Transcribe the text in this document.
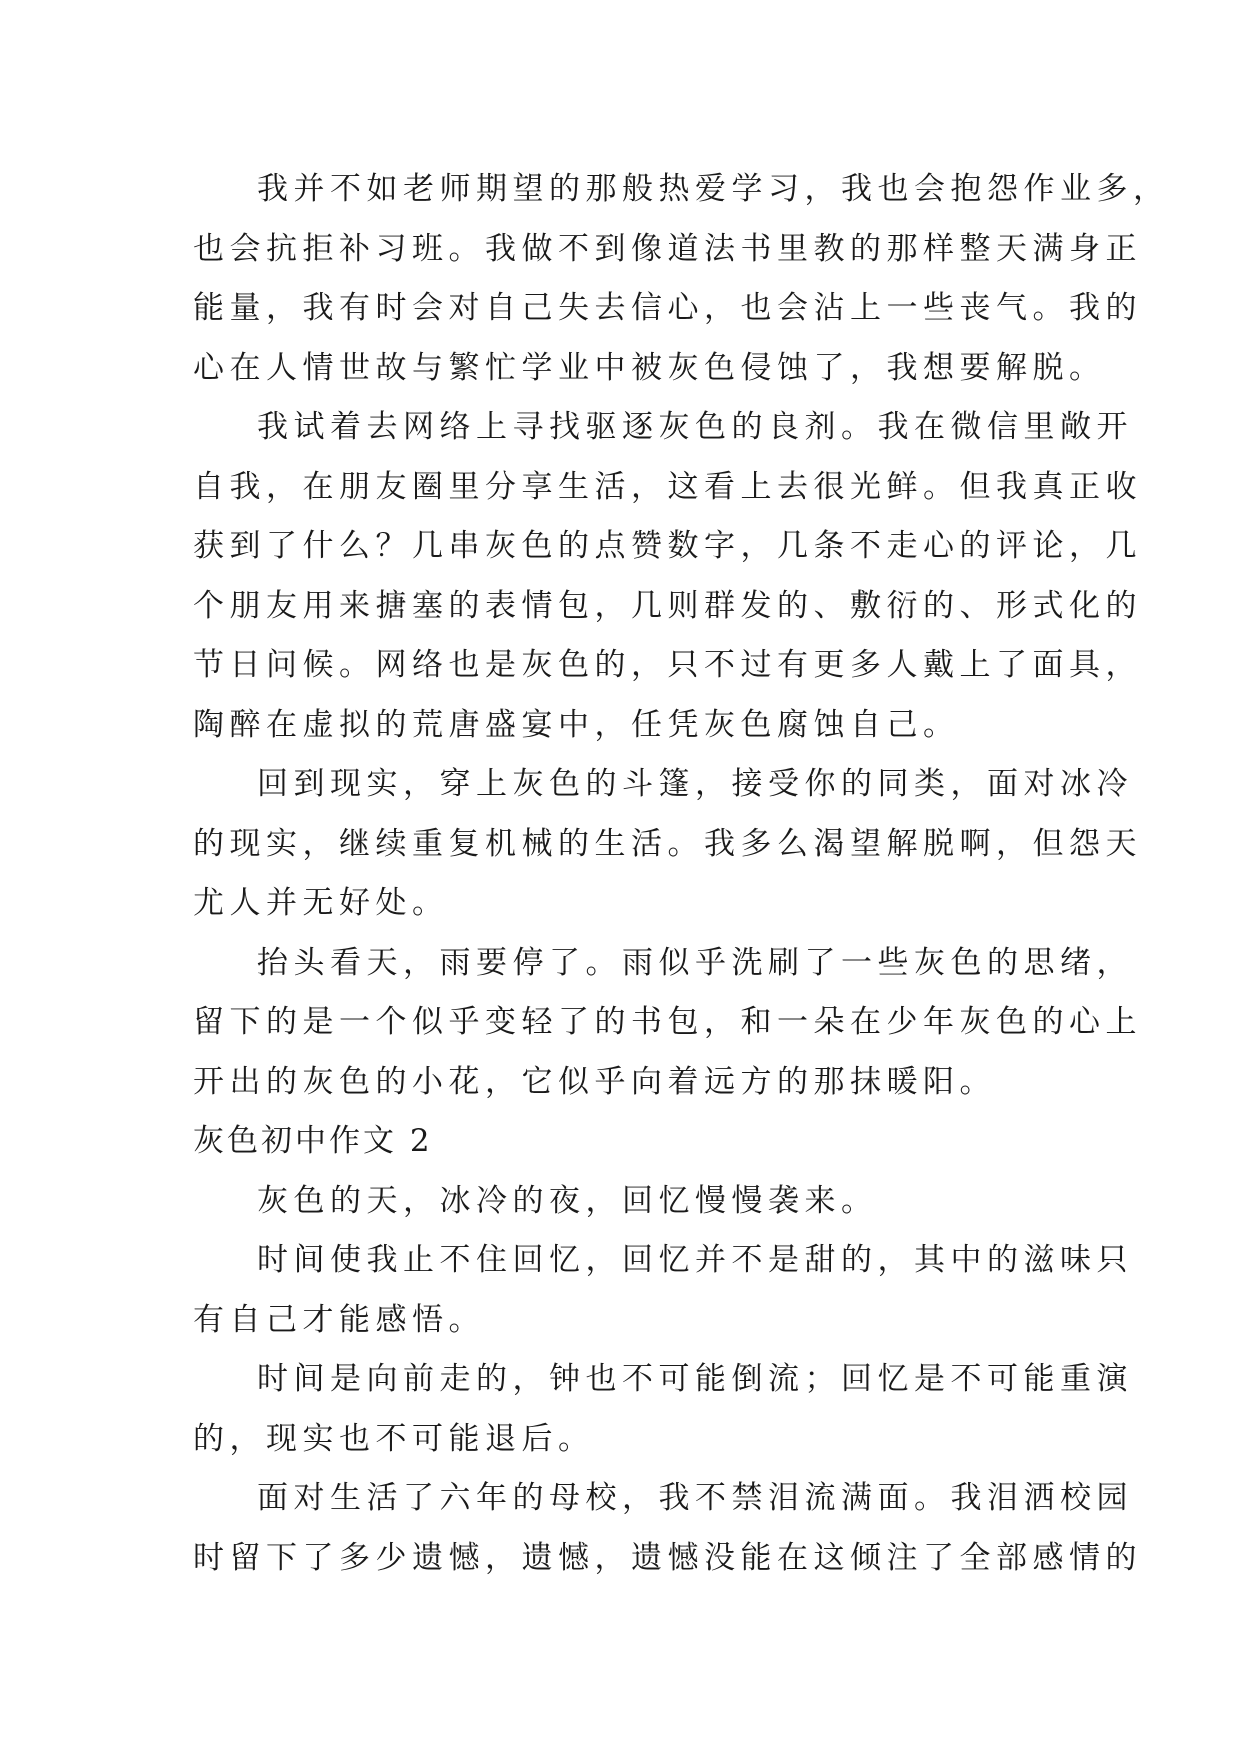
我并不如老师期望的那般热爱学习，我也会抱怨作业多，
也会抗拒补习班。我做不到像道法书里教的那样整天满身正
能量，我有时会对自己失去信心，也会沾上一些丧气。我的
心在人情世故与繁忙学业中被灰色侵蚀了，我想要解脱。
我试着去网络上寻找驱逐灰色的良剂。我在微信里敞开
自我，在朋友圈里分享生活，这看上去很光鲜。但我真正收
获到了什么？几串灰色的点赞数字，几条不走心的评论，几
个朋友用来搪塞的表情包，几则群发的、敷衍的、形式化的
节日问候。网络也是灰色的，只不过有更多人戴上了面具，
陶醉在虚拟的荒唐盛宴中，任凭灰色腐蚀自己。
回到现实，穿上灰色的斗篷，接受你的同类，面对冰冷
的现实，继续重复机械的生活。我多么渴望解脱啊，但怨天
尤人并无好处。
抬头看天，雨要停了。雨似乎洗刷了一些灰色的思绪，
留下的是一个似乎变轻了的书包，和一朵在少年灰色的心上
开出的灰色的小花，它似乎向着远方的那抹暖阳。
灰色初中作文 2
灰色的天，冰冷的夜，回忆慢慢袭来。
时间使我止不住回忆，回忆并不是甜的，其中的滋味只
有自己才能感悟。
时间是向前走的，钟也不可能倒流；回忆是不可能重演
的，现实也不可能退后。
面对生活了六年的母校，我不禁泪流满面。我泪洒校园
时留下了多少遗憾，遗憾，遗憾没能在这倾注了全部感情的
